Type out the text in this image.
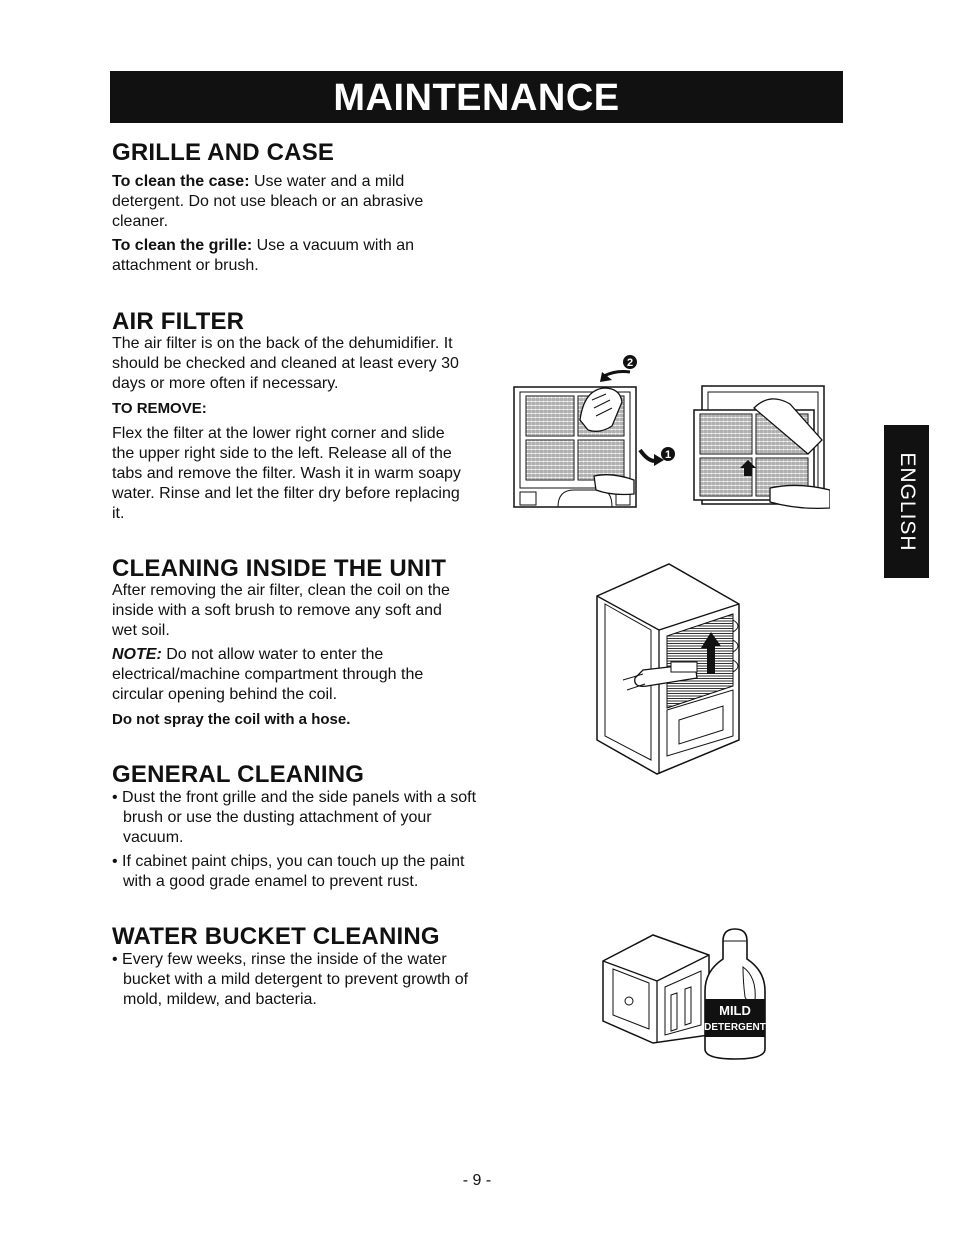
MAINTENANCE
ENGLISH
GRILLE AND CASE

To clean the case: Use water and a mild detergent. Do not use bleach or an abrasive cleaner.

To clean the grille: Use a vacuum with an attachment or brush.

AIR FILTER

The air filter is on the back of the dehumidifier. It should be checked and cleaned at least every 30 days or more often if necessary.

TO REMOVE:

Flex the filter at the lower right corner and slide the upper right side to the left. Release all of the tabs and remove the filter. Wash it in warm soapy water. Rinse and let the filter dry before replacing it.

CLEANING INSIDE THE UNIT

After removing the air filter, clean the coil on the inside with a soft brush to remove any soft and wet soil.

NOTE: Do not allow water to enter the electrical/machine compartment through the circular opening behind the coil.

Do not spray the coil with a hose.

GENERAL CLEANING

• Dust the front grille and the side panels with a soft brush or use the dusting attachment of your vacuum.

• If cabinet paint chips, you can touch up the paint with a good grade enamel to prevent rust.

WATER BUCKET CLEANING

• Every few weeks, rinse the inside of the water bucket with a mild detergent to prevent growth of mold, mildew, and bacteria.

2
1
MILD
DETERGENT
- 9 -
